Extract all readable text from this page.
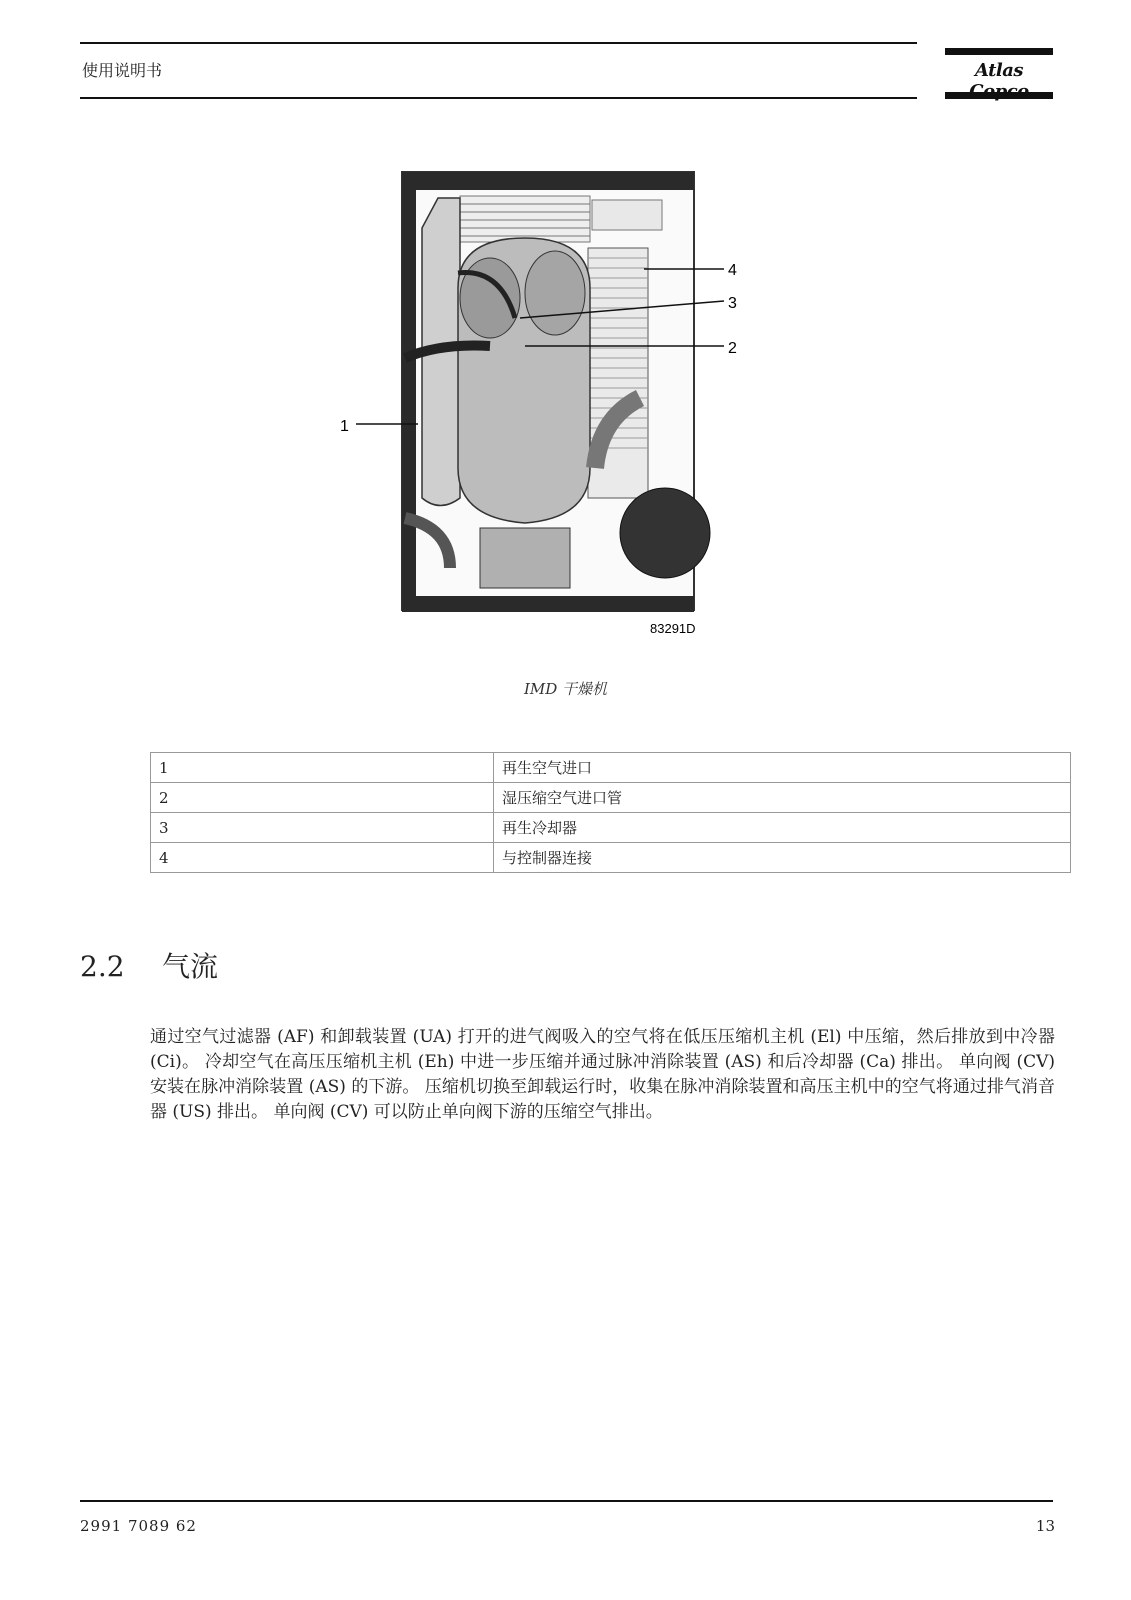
使用说明书	Atlas
1
2
3
4
83291D
IMD 干燥机
1	再生空气进口
2	湿压缩空气进口管
3	再生冷却器
4	与控制器连接
2.2 气流
通过空气过滤器 (AF) 和卸载装置 (UA) 打开的进气阀吸入的空气将在低压压缩机主机 (El) 中压缩，然后排放到中冷器 (Ci)。 冷却空气在高压压缩机主机 (Eh) 中进一步压缩并通过脉冲消除装置 (AS) 和后冷却器 (Ca) 排出。 单向阀 (CV) 安装在脉冲消除装置 (AS) 的下游。 压缩机切换至卸载运行时，收集在脉冲消除装置和高压主机中的空气将通过排气消音器 (US) 排出。 单向阀 (CV) 可以防止单向阀下游的压缩空气排出。
2991 7089 62	13
